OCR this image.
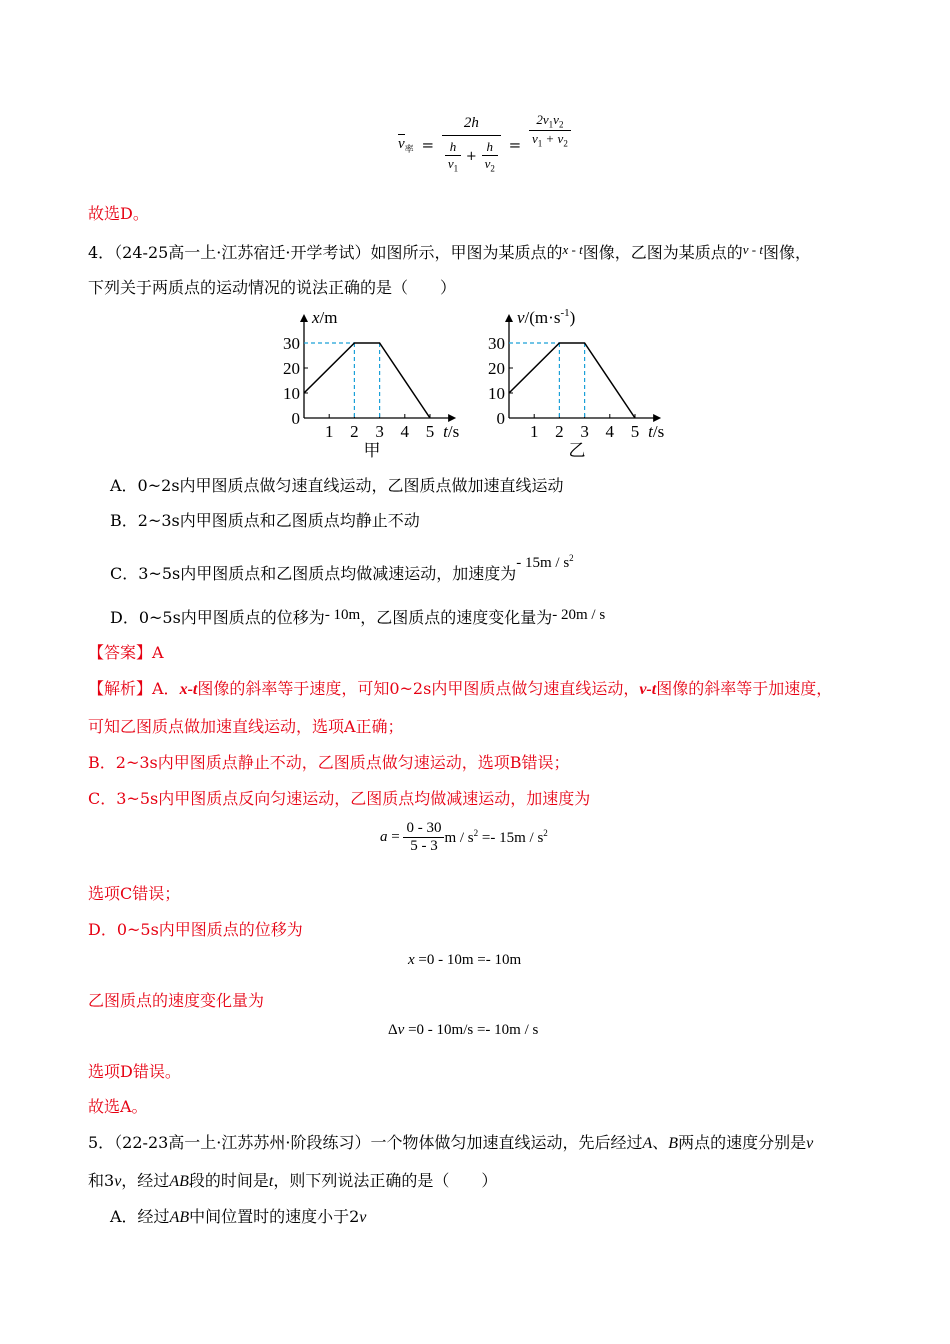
$v_率 = \frac{2h}{\frac{h}{v_1} + \frac{h}{v_2}} = \frac{2v_1v_2}{v_1 + v_2}$
故选D。
4．（24-25高一上·江苏宿迁·开学考试）如图所示，甲图为某质点的$^{x - t}$图像，乙图为某质点的$^{v - t}$图像，
下列关于两质点的运动情况的说法正确的是（　　）
10
20
30
0
1 2 3 4 5
x/m
t/s
甲
10
20
30
0
1 2 3 4 5
$v/(m\cdot s^{-1})$
t/s
乙
A．0~2s内甲图质点做匀速直线运动，乙图质点做加速直线运动
B．2~3s内甲图质点和乙图质点均静止不动
C．3~5s内甲图质点和乙图质点均做减速运动，加速度为- $15m / s^2$
D．0~5s内甲图质点的位移为- 10m，乙图质点的速度变化量为- 20m / s
【答案】A
【解析】A．x-t图像的斜率等于速度，可知0~2s内甲图质点做匀速直线运动，v-t图像的斜率等于加速度，
可知乙图质点做加速直线运动，选项A正确；
B．2~3s内甲图质点静止不动，乙图质点做匀速运动，选项B错误；
C．3~5s内甲图质点反向匀速运动，乙图质点均做减速运动，加速度为
$a = \frac{0 - 30}{5 - 3}$ $m / s^2 =- 15m / s^2$
选项C错误；
D．0~5s内甲图质点的位移为
x =0 - 10m =- 10m
乙图质点的速度变化量为
Δv =0 - 10m/s =- 10m / s
选项D错误。
故选A。
5．（22-23高一上·江苏苏州·阶段练习）一个物体做匀加速直线运动，先后经过A、B两点的速度分别是v
和3v，经过AB段的时间是t，则下列说法正确的是（　　）
A．经过AB中间位置时的速度小于2v
